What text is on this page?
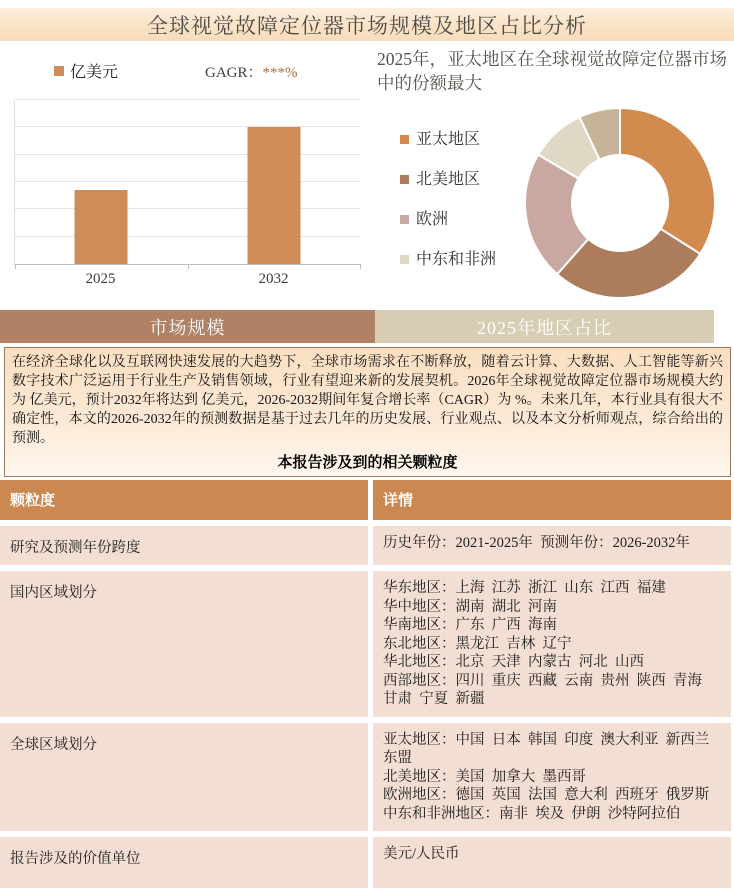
全球视觉故障定位器市场规模及地区占比分析
亿美元	GAGR：***%
2025	2032
2025年，亚太地区在全球视觉故障定位器市场中的份额最大
亚太地区
北美地区
欧洲
中东和非洲
市场规模	2025年地区占比
在经济全球化以及互联网快速发展的大趋势下，全球市场需求在不断释放，随着云计算、大数据、人工智能等新兴数字技术广泛运用于行业生产及销售领域，行业有望迎来新的发展契机。2026年全球视觉故障定位器市场规模大约为 亿美元，预计2032年将达到 亿美元，2026-2032期间年复合增长率（CAGR）为 %。未来几年，本行业具有很大不确定性，本文的2026-2032年的预测数据是基于过去几年的历史发展、行业观点、以及本文分析师观点，综合给出的预测。
本报告涉及到的相关颗粒度
颗粒度	详情
研究及预测年份跨度	历史年份：2021-2025年  预测年份：2026-2032年
国内区域划分	华东地区：上海  江苏  浙江  山东  江西  福建
华中地区：湖南  湖北  河南
华南地区：广东  广西  海南
东北地区：黑龙江  吉林  辽宁
华北地区：北京  天津  内蒙古  河北  山西
西部地区：四川  重庆  西藏  云南  贵州  陕西  青海  甘肃  宁夏  新疆
全球区域划分	亚太地区：中国  日本  韩国  印度  澳大利亚  新西兰  东盟
北美地区：美国  加拿大  墨西哥
欧洲地区：德国  英国  法国  意大利  西班牙  俄罗斯
中东和非洲地区：南非  埃及  伊朗  沙特阿拉伯
报告涉及的价值单位	美元/人民币
